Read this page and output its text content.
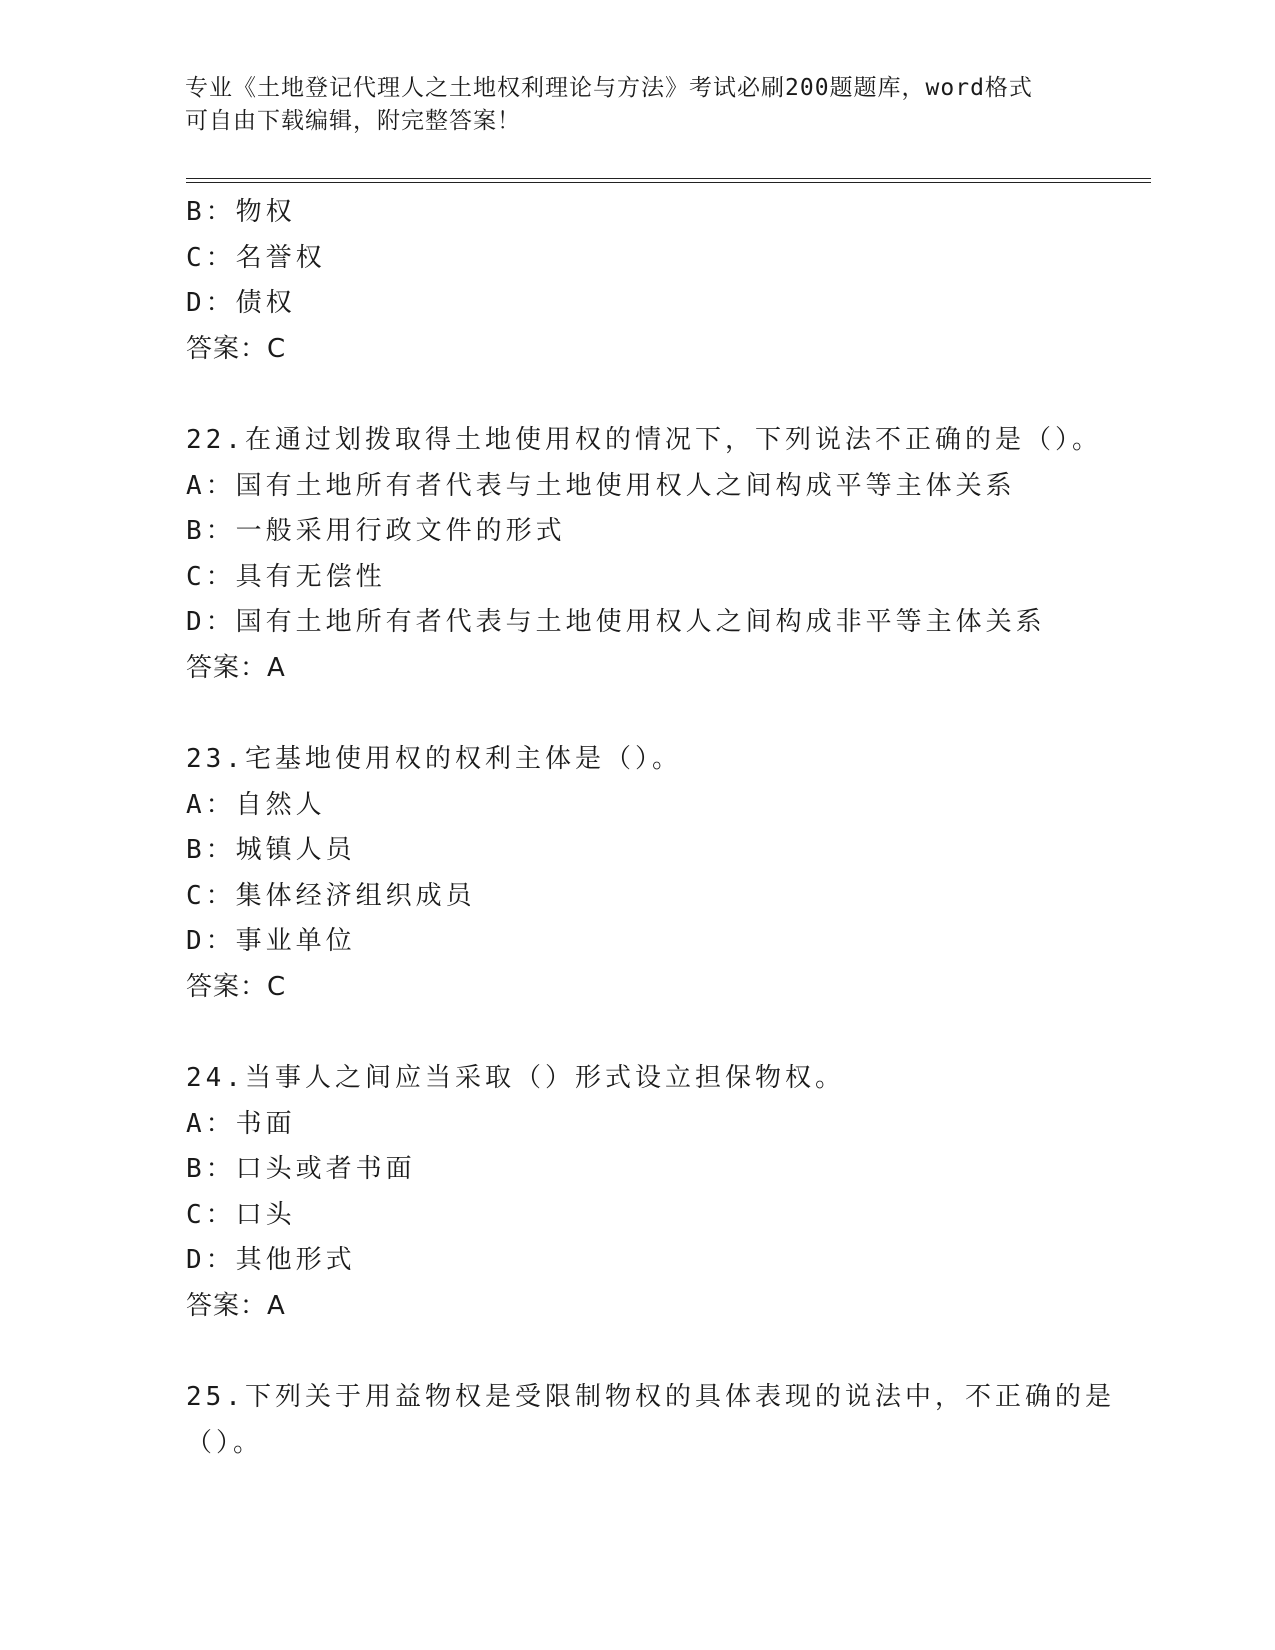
专业《土地登记代理人之土地权利理论与方法》考试必刷200题题库，word格式
可自由下载编辑，附完整答案！
B：物权
C：名誉权
D：债权
答案：C
22.在通过划拨取得土地使用权的情况下，下列说法不正确的是（）。
A：国有土地所有者代表与土地使用权人之间构成平等主体关系
B：一般采用行政文件的形式
C：具有无偿性
D：国有土地所有者代表与土地使用权人之间构成非平等主体关系
答案：A
23.宅基地使用权的权利主体是（）。
A：自然人
B：城镇人员
C：集体经济组织成员
D：事业单位
答案：C
24.当事人之间应当采取（）形式设立担保物权。
A：书面
B：口头或者书面
C：口头
D：其他形式
答案：A
25.下列关于用益物权是受限制物权的具体表现的说法中，不正确的是
（）。
